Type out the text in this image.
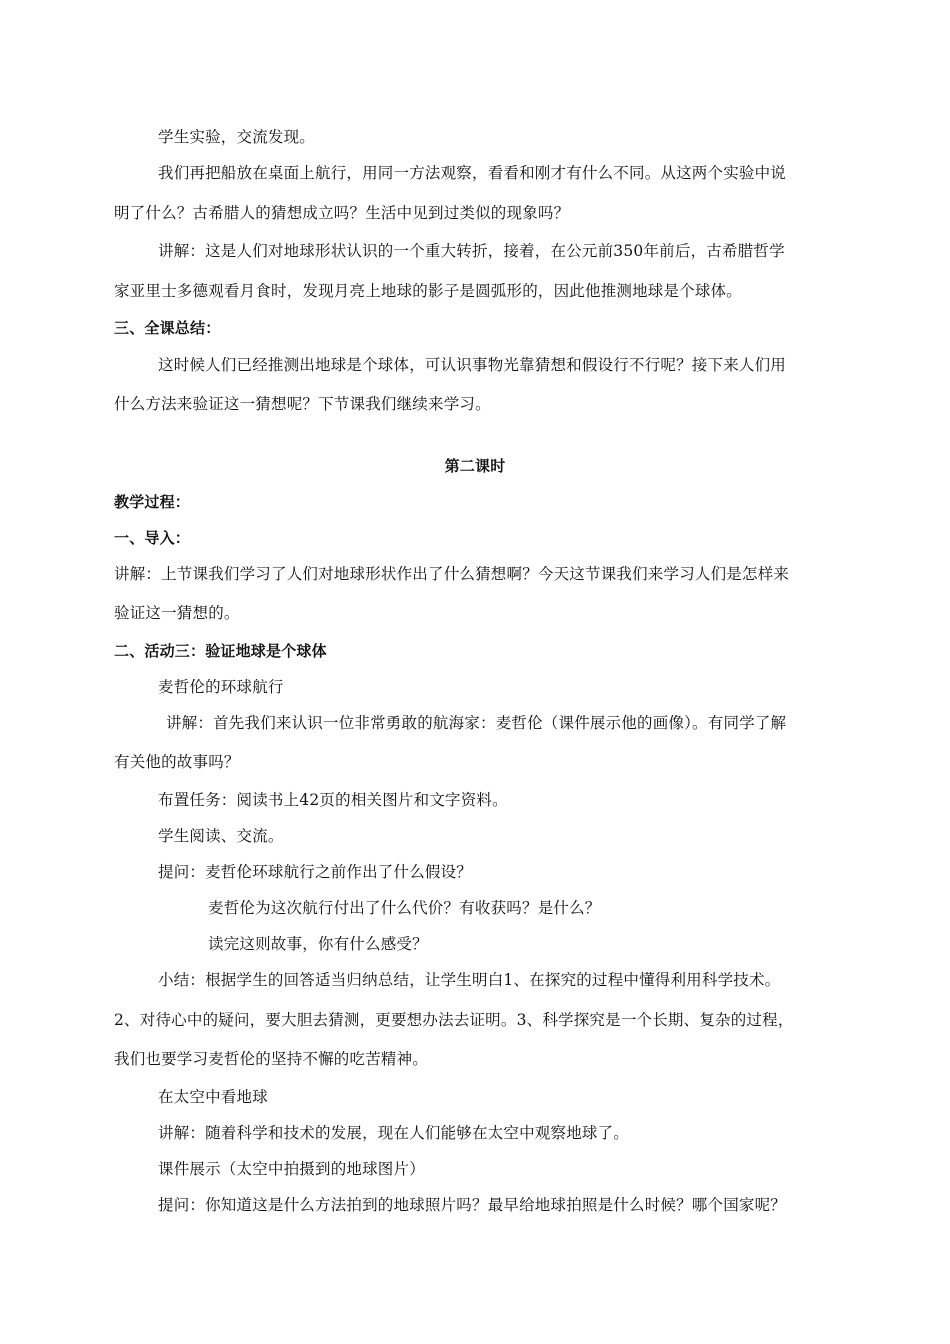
学生实验，交流发现。
我们再把船放在桌面上航行，用同一方法观察，看看和刚才有什么不同。从这两个实验中说
明了什么？古希腊人的猜想成立吗？生活中见到过类似的现象吗？
讲解：这是人们对地球形状认识的一个重大转折，接着，在公元前350年前后，古希腊哲学
家亚里士多德观看月食时，发现月亮上地球的影子是圆弧形的，因此他推测地球是个球体。
三、全课总结：
这时候人们已经推测出地球是个球体，可认识事物光靠猜想和假设行不行呢？接下来人们用
什么方法来验证这一猜想呢？下节课我们继续来学习。
第二课时
教学过程：
一、导入：
讲解：上节课我们学习了人们对地球形状作出了什么猜想啊？今天这节课我们来学习人们是怎样来
验证这一猜想的。
二、活动三：验证地球是个球体
麦哲伦的环球航行
讲解：首先我们来认识一位非常勇敢的航海家：麦哲伦（课件展示他的画像）。有同学了解
有关他的故事吗？
布置任务：阅读书上42页的相关图片和文字资料。
学生阅读、交流。
提问：麦哲伦环球航行之前作出了什么假设？
麦哲伦为这次航行付出了什么代价？有收获吗？是什么？
读完这则故事，你有什么感受？
小结：根据学生的回答适当归纳总结，让学生明白1、在探究的过程中懂得利用科学技术。
2、对待心中的疑问，要大胆去猜测，更要想办法去证明。3、科学探究是一个长期、复杂的过程，
我们也要学习麦哲伦的坚持不懈的吃苦精神。
在太空中看地球
讲解：随着科学和技术的发展，现在人们能够在太空中观察地球了。
课件展示（太空中拍摄到的地球图片）
提问：你知道这是什么方法拍到的地球照片吗？最早给地球拍照是什么时候？哪个国家呢？
